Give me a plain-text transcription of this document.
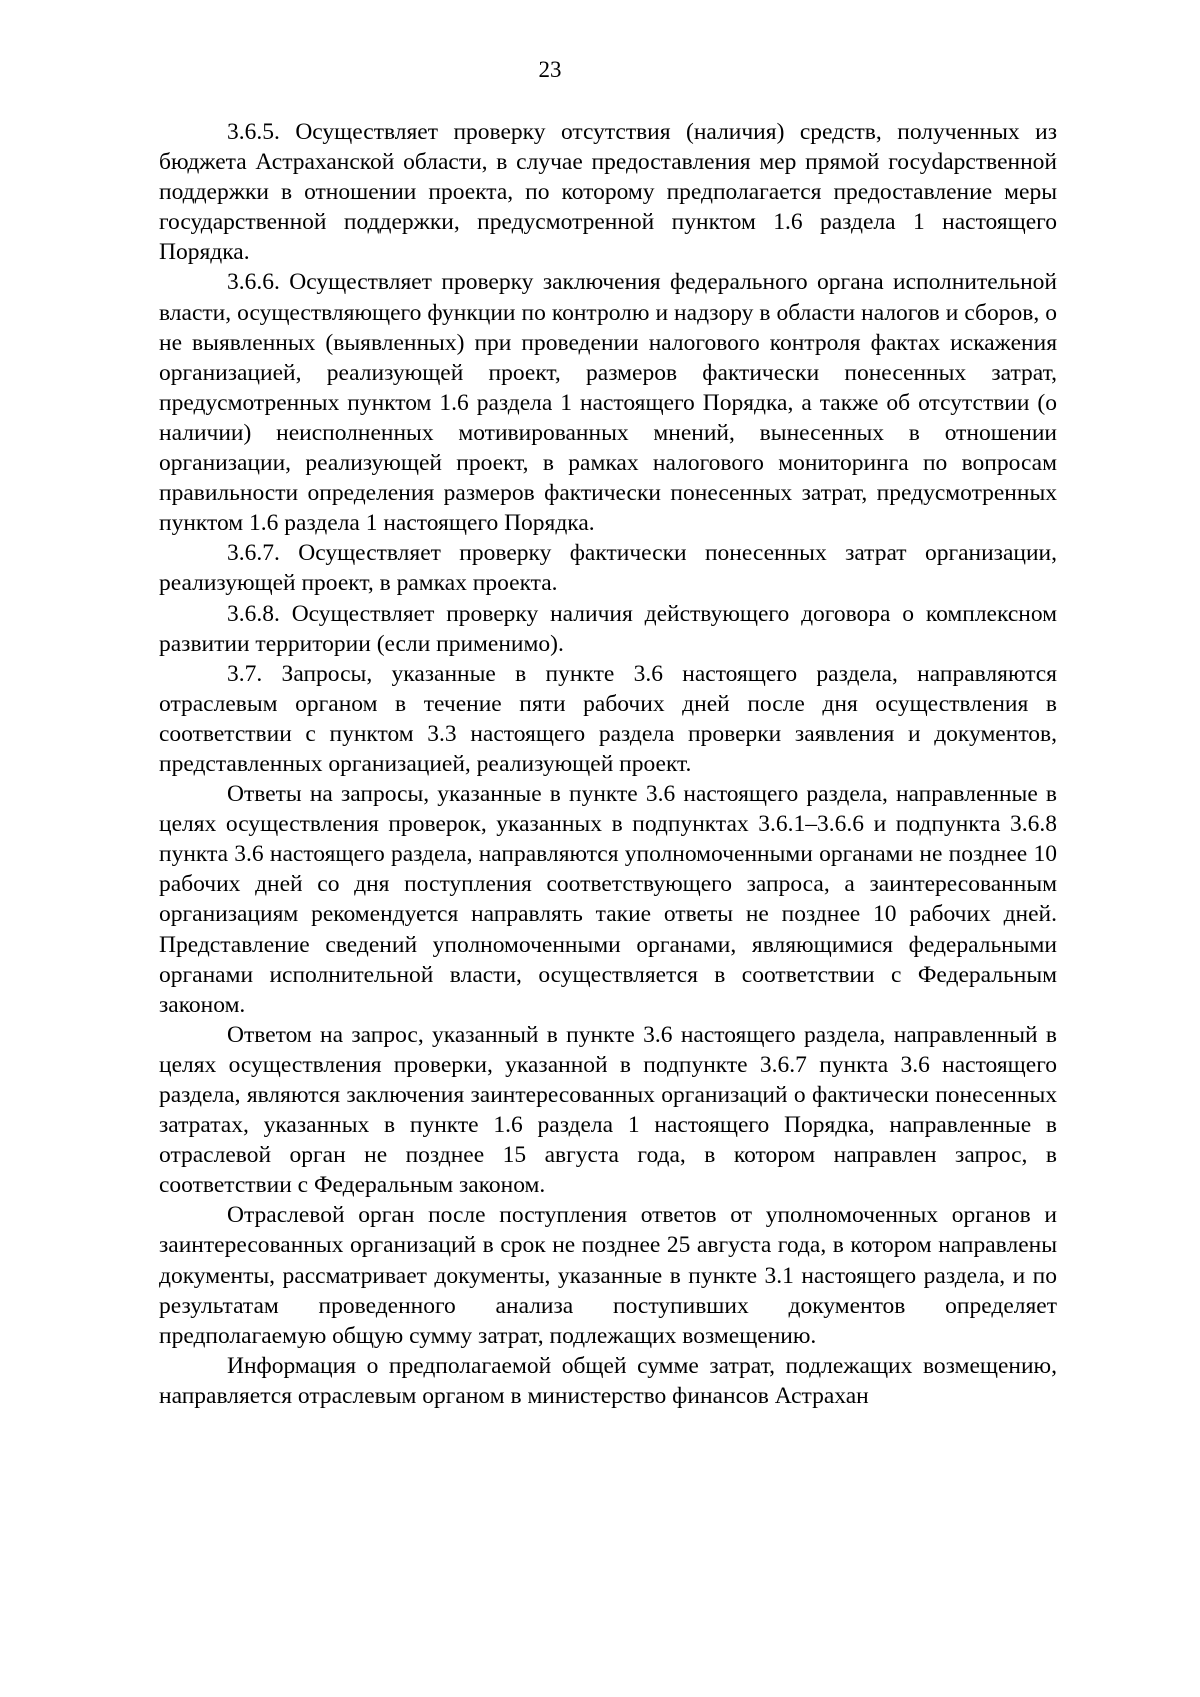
23

3.6.5. Осуществляет проверку отсутствия (наличия) средств, полученных из бюджета Астраханской области, в случае предоставления мер прямой госуdарственной поддержки в отношении проекта, по которому предполагается предоставление меры государственной поддержки, предусмотренной пунктом 1.6 раздела 1 настоящего Порядка.

3.6.6. Осуществляет проверку заключения федерального органа исполнительной власти, осуществляющего функции по контролю и надзору в области налогов и сборов, о не выявленных (выявленных) при проведении налогового контроля фактах искажения организацией, реализующей проект, размеров фактически понесенных затрат, предусмотренных пунктом 1.6 раздела 1 настоящего Порядка, а также об отсутствии (о наличии) неисполненных мотивированных мнений, вынесенных в отношении организации, реализующей проект, в рамках налогового мониторинга по вопросам правильности определения размеров фактически понесенных затрат, предусмотренных пунктом 1.6 раздела 1 настоящего Порядка.

3.6.7. Осуществляет проверку фактически понесенных затрат организации, реализующей проект, в рамках проекта.

3.6.8. Осуществляет проверку наличия действующего договора о комплексном развитии территории (если применимо).

3.7. Запросы, указанные в пункте 3.6 настоящего раздела, направляются отраслевым органом в течение пяти рабочих дней после дня осуществления в соответствии с пунктом 3.3 настоящего раздела проверки заявления и документов, представленных организацией, реализующей проект.

Ответы на запросы, указанные в пункте 3.6 настоящего раздела, направленные в целях осуществления проверок, указанных в подпунктах 3.6.1–3.6.6 и подпункта 3.6.8 пункта 3.6 настоящего раздела, направляются уполномоченными органами не позднее 10 рабочих дней со дня поступления соответствующего запроса, а заинтересованным организациям рекомендуется направлять такие ответы не позднее 10 рабочих дней. Представление сведений уполномоченными органами, являющимися федеральными органами исполнительной власти, осуществляется в соответствии с Федеральным законом.

Ответом на запрос, указанный в пункте 3.6 настоящего раздела, направленный в целях осуществления проверки, указанной в подпункте 3.6.7 пункта 3.6 настоящего раздела, являются заключения заинтересованных организаций о фактически понесенных затратах, указанных в пункте 1.6 раздела 1 настоящего Порядка, направленные в отраслевой орган не позднее 15 августа года, в котором направлен запрос, в соответствии с Федеральным законом.

Отраслевой орган после поступления ответов от уполномоченных органов и заинтересованных организаций в срок не позднее 25 августа года, в котором направлены документы, рассматривает документы, указанные в пункте 3.1 настоящего раздела, и по результатам проведенного анализа поступивших документов определяет предполагаемую общую сумму затрат, подлежащих возмещению.

Информация о предполагаемой общей сумме затрат, подлежащих возмещению, направляется отраслевым органом в министерство финансов Астрахан
